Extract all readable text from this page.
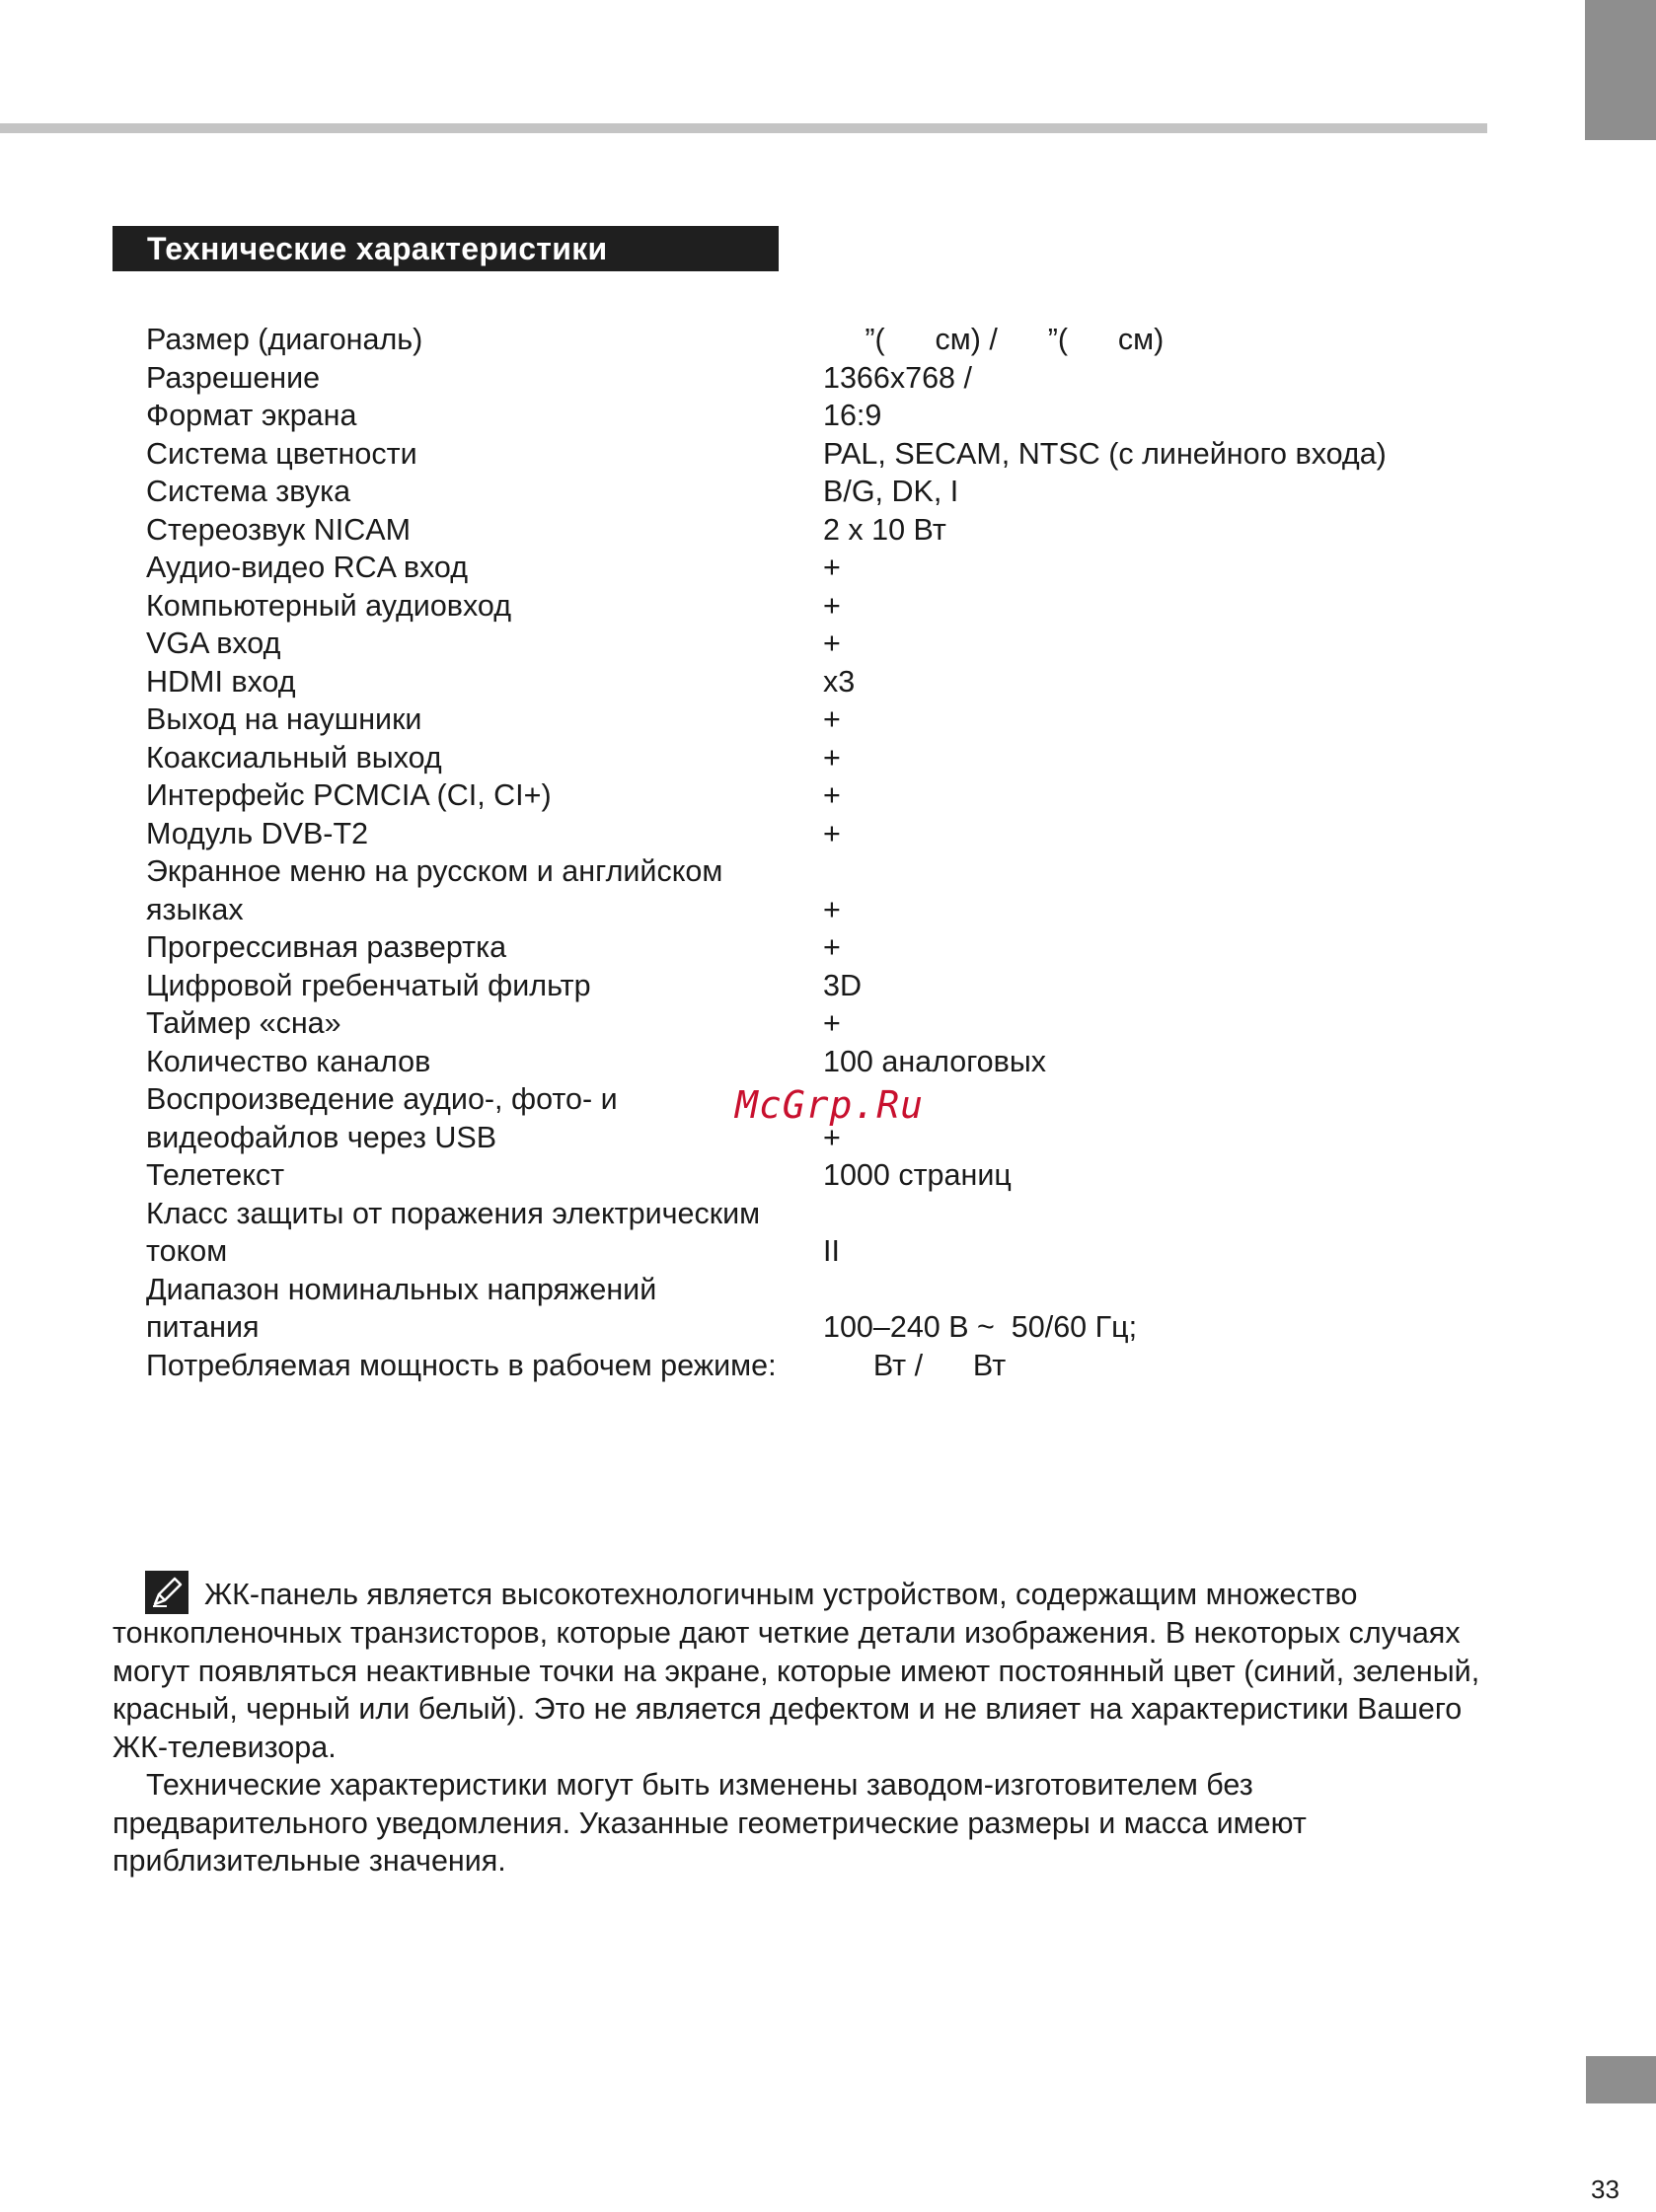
Технические характеристики
Размер (диагональ)	”(      см) /      ”(      см)
Разрешение	1366x768 /
Формат экрана	16:9
Система цветности	PAL, SECAM, NTSC (с линейного входа)
Система звука	B/G, DK, I
Стереозвук NICAM	2 x 10 Вт
Аудио-видео RCA вход	+
Компьютерный аудиовход	+
VGA вход	+
HDMI вход	x3
Выход на наушники	+
Коаксиальный выход	+
Интерфейс PCMCIA (CI, CI+)	+
Модуль DVB-T2	+
Экранное меню на русском и английском
языках	+
Прогрессивная развертка	+
Цифровой гребенчатый фильтр	3D
Таймер «сна»	+
Количество каналов	100 аналоговых
Воспроизведение аудио-, фото- и
видеофайлов через USB	+
Телетекст	1000 страниц
Класс защиты от поражения электрическим
током	II
Диапазон номинальных напряжений
питания	100–240 В ~  50/60 Гц;
Потребляемая мощность в рабочем режиме:	Вт /      Вт
McGrp.Ru

ЖК-панель является высокотехнологичным устройством, содержащим множество тонкопленочных транзисторов, которые дают четкие детали изображения. В некоторых случаях могут появляться неактивные точки на экране, которые имеют постоянный цвет (синий, зеленый, красный, черный или белый). Это не является дефектом и не влияет на характеристики Вашего ЖК-телевизора.

Технические характеристики могут быть изменены заводом-изготовителем без предварительного уведомления. Указанные геометрические размеры и масса имеют приблизительные значения.

33
